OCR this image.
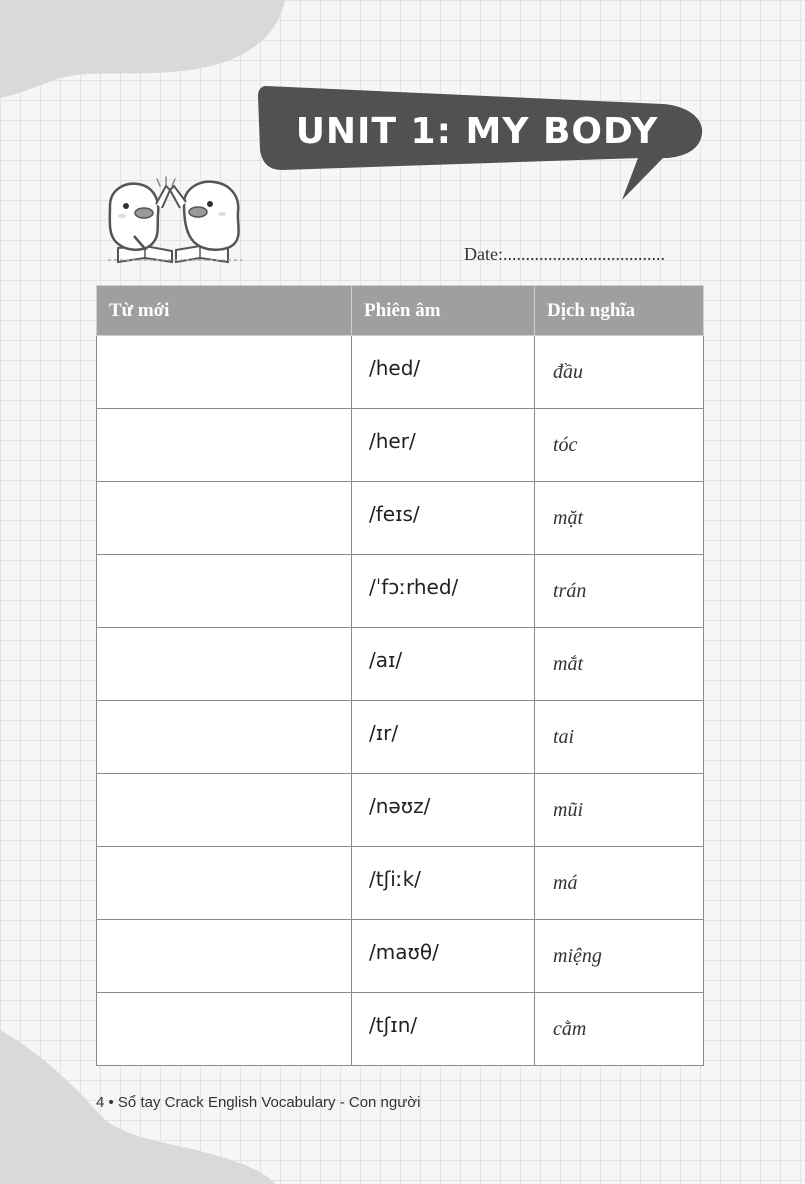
UNIT 1: MY BODY
Date:....................................
Từ mới	Phiên âm	Dịch nghĩa
	/hed/	đầu
	/her/	tóc
	/feɪs/	mặt
	/ˈfɔːrhed/	trán
	/aɪ/	mắt
	/ɪr/	tai
	/nəʊz/	mũi
	/tʃiːk/	má
	/maʊθ/	miệng
	/tʃɪn/	cằm
4 • Sổ tay Crack English Vocabulary - Con người
